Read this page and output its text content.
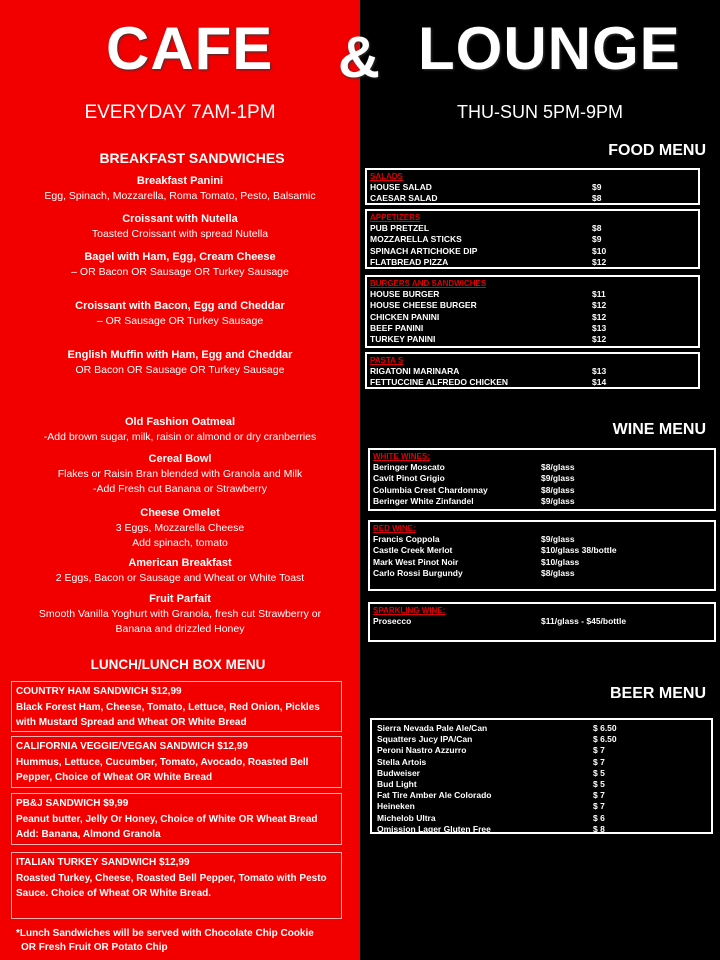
CAFE & LOUNGE
EVERYDAY 7AM-1PM	THU-SUN 5PM-9PM
BREAKFAST SANDWICHES
Breakfast Panini
Egg, Spinach, Mozzarella, Roma Tomato, Pesto, Balsamic
Croissant with Nutella
Toasted Croissant with spread Nutella
Bagel with Ham, Egg, Cream Cheese
– OR Bacon OR Sausage OR Turkey Sausage
Croissant with Bacon, Egg and Cheddar
– OR Sausage OR Turkey Sausage
English Muffin with Ham, Egg and Cheddar
OR Bacon OR Sausage OR Turkey Sausage
Old Fashion Oatmeal
-Add brown sugar, milk, raisin or almond or dry cranberries
Cereal Bowl
Flakes or Raisin Bran blended with Granola and Milk
-Add Fresh cut Banana or Strawberry
Cheese Omelet
3 Eggs, Mozzarella Cheese
Add spinach, tomato
American Breakfast
2 Eggs, Bacon or Sausage and Wheat or White Toast
Fruit Parfait
Smooth Vanilla Yoghurt with Granola, fresh cut Strawberry or
Banana and drizzled Honey
LUNCH/LUNCH BOX MENU
COUNTRY HAM SANDWICH $12,99
Black Forest Ham, Cheese, Tomato, Lettuce, Red Onion, Pickles with Mustard Spread and Wheat OR White Bread
CALIFORNIA VEGGIE/VEGAN SANDWICH $12,99
Hummus, Lettuce, Cucumber, Tomato, Avocado, Roasted Bell Pepper, Choice of Wheat OR White Bread
PB&J SANDWICH $9,99
Peanut butter, Jelly Or Honey, Choice of White OR Wheat Bread Add: Banana, Almond Granola
ITALIAN TURKEY SANDWICH $12,99
Roasted Turkey, Cheese, Roasted Bell Pepper, Tomato with Pesto Sauce. Choice of Wheat OR White Bread.
*Lunch Sandwiches will be served with Chocolate Chip Cookie
OR Fresh Fruit OR Potato Chip
FOOD MENU
SALADS
HOUSE SALAD	$9
CAESAR SALAD	$8
APPETIZERS
PUB PRETZEL	$8
MOZZARELLA STICKS	$9
SPINACH ARTICHOKE DIP	$10
FLATBREAD PIZZA	$12
BURGERS AND SANDWICHES
HOUSE BURGER	$11
HOUSE CHEESE BURGER	$12
CHICKEN PANINI	$12
BEEF PANINI	$13
TURKEY PANINI	$12
PASTA S
RIGATONI MARINARA	$13
FETTUCCINE ALFREDO CHICKEN	$14
WINE MENU
WHITE WINES:
Beringer Moscato	$8/glass
Cavit Pinot Grigio	$9/glass
Columbia Crest Chardonnay	$8/glass
Beringer White Zinfandel	$9/glass
RED WINE:
Francis Coppola	$9/glass
Castle Creek Merlot	$10/glass 38/bottle
Mark West Pinot Noir	$10/glass
Carlo Rossi Burgundy	$8/glass
SPARKLING WINE:
Prosecco	$11/glass - $45/bottle
BEER MENU
Sierra Nevada Pale Ale/Can	$ 6.50
Squatters Jucy IPA/Can	$ 6.50
Peroni Nastro Azzurro	$ 7
Stella Artois	$ 7
Budweiser	$ 5
Bud Light	$ 5
Fat Tire Amber Ale Colorado	$ 7
Heineken	$ 7
Michelob Ultra	$ 6
Omission Lager Gluten Free	$ 8
